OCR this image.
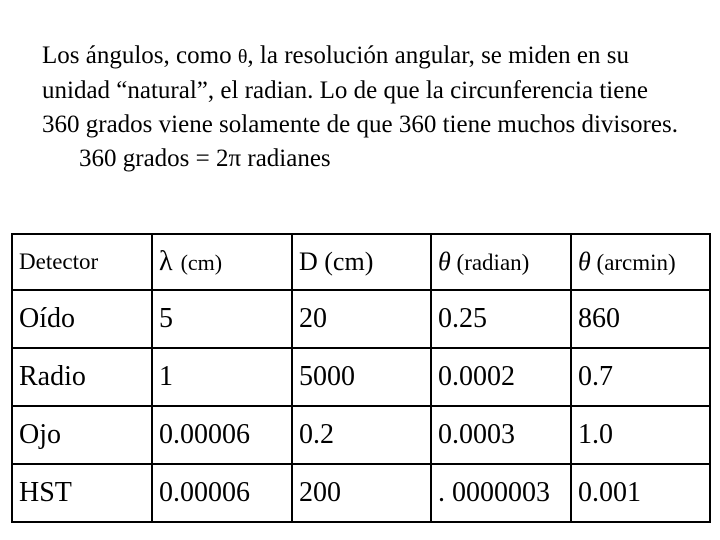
Los ángulos, como θ, la resolución angular, se miden en su unidad “natural”, el radian. Lo de que la circunferencia tiene 360 grados viene solamente de que 360 tiene muchos divisores.
360 grados = 2π radianes

Detector	λ (cm)	D (cm)	θ (radian)	θ (arcmin)
Oído	5	20	0.25	860
Radio	1	5000	0.0002	0.7
Ojo	0.00006	0.2	0.0003	1.0
HST	0.00006	200	. 0000003	0.001
